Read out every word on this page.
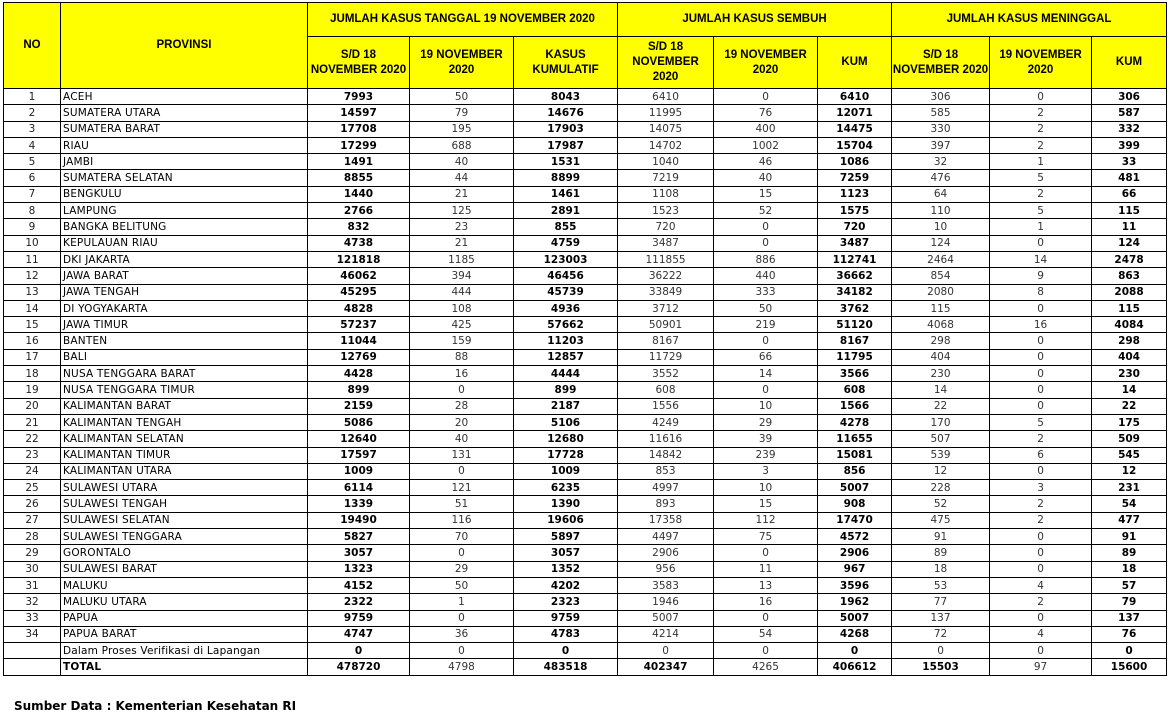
NO	PROVINSI	JUMLAH KASUS TANGGAL 19 NOVEMBER 2020			JUMLAH KASUS SEMBUH			JUMLAH KASUS MENINGGAL		
		S/D 18 NOVEMBER 2020	19 NOVEMBER 2020	KASUS KUMULATIF	S/D 18 NOVEMBER 2020	19 NOVEMBER 2020	KUM	S/D 18 NOVEMBER 2020	19 NOVEMBER 2020	KUM
1	ACEH	7993	50	8043	6410	0	6410	306	0	306
2	SUMATERA UTARA	14597	79	14676	11995	76	12071	585	2	587
3	SUMATERA BARAT	17708	195	17903	14075	400	14475	330	2	332
4	RIAU	17299	688	17987	14702	1002	15704	397	2	399
5	JAMBI	1491	40	1531	1040	46	1086	32	1	33
6	SUMATERA SELATAN	8855	44	8899	7219	40	7259	476	5	481
7	BENGKULU	1440	21	1461	1108	15	1123	64	2	66
8	LAMPUNG	2766	125	2891	1523	52	1575	110	5	115
9	BANGKA BELITUNG	832	23	855	720	0	720	10	1	11
10	KEPULAUAN RIAU	4738	21	4759	3487	0	3487	124	0	124
11	DKI JAKARTA	121818	1185	123003	111855	886	112741	2464	14	2478
12	JAWA BARAT	46062	394	46456	36222	440	36662	854	9	863
13	JAWA TENGAH	45295	444	45739	33849	333	34182	2080	8	2088
14	DI YOGYAKARTA	4828	108	4936	3712	50	3762	115	0	115
15	JAWA TIMUR	57237	425	57662	50901	219	51120	4068	16	4084
16	BANTEN	11044	159	11203	8167	0	8167	298	0	298
17	BALI	12769	88	12857	11729	66	11795	404	0	404
18	NUSA TENGGARA BARAT	4428	16	4444	3552	14	3566	230	0	230
19	NUSA TENGGARA TIMUR	899	0	899	608	0	608	14	0	14
20	KALIMANTAN BARAT	2159	28	2187	1556	10	1566	22	0	22
21	KALIMANTAN TENGAH	5086	20	5106	4249	29	4278	170	5	175
22	KALIMANTAN SELATAN	12640	40	12680	11616	39	11655	507	2	509
23	KALIMANTAN TIMUR	17597	131	17728	14842	239	15081	539	6	545
24	KALIMANTAN UTARA	1009	0	1009	853	3	856	12	0	12
25	SULAWESI UTARA	6114	121	6235	4997	10	5007	228	3	231
26	SULAWESI TENGAH	1339	51	1390	893	15	908	52	2	54
27	SULAWESI SELATAN	19490	116	19606	17358	112	17470	475	2	477
28	SULAWESI TENGGARA	5827	70	5897	4497	75	4572	91	0	91
29	GORONTALO	3057	0	3057	2906	0	2906	89	0	89
30	SULAWESI BARAT	1323	29	1352	956	11	967	18	0	18
31	MALUKU	4152	50	4202	3583	13	3596	53	4	57
32	MALUKU UTARA	2322	1	2323	1946	16	1962	77	2	79
33	PAPUA	9759	0	9759	5007	0	5007	137	0	137
34	PAPUA BARAT	4747	36	4783	4214	54	4268	72	4	76
	Dalam Proses Verifikasi di Lapangan	0	0	0	0	0	0	0	0	0
	TOTAL	478720	4798	483518	402347	4265	406612	15503	97	15600
Sumber Data : Kementerian Kesehatan RI
